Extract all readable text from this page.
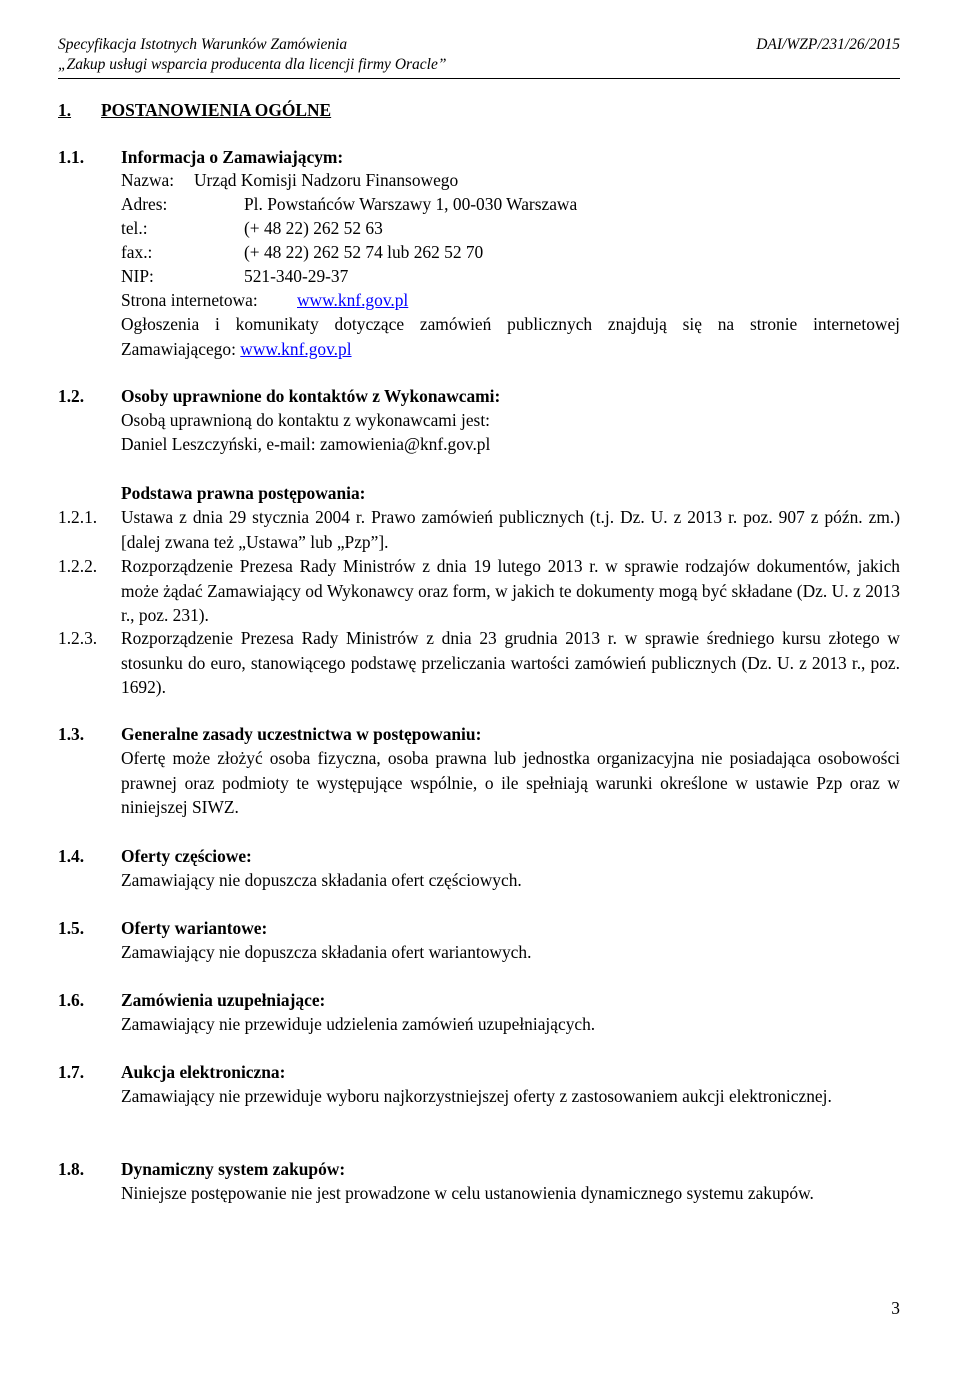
Specyfikacja Istotnych Warunków Zamówienia
„Zakup usługi wsparcia producenta dla licencji firmy Oracle”
DAI/WZP/231/26/2015
1. POSTANOWIENIA OGÓLNE
1.1. Informacja o Zamawiającym:
Nazwa: Urząd Komisji Nadzoru Finansowego
Adres:	Pl. Powstańców Warszawy 1, 00-030 Warszawa
tel.:	(+ 48 22) 262 52 63
fax.:	(+ 48 22) 262 52 74 lub 262 52 70
NIP:	521-340-29-37
Strona internetowa: www.knf.gov.pl
Ogłoszenia i komunikaty dotyczące zamówień publicznych znajdują się na stronie internetowej Zamawiającego: www.knf.gov.pl
1.2. Osoby uprawnione do kontaktów z Wykonawcami:
Osobą uprawnioną do kontaktu z wykonawcami jest:
Daniel Leszczyński, e-mail: zamowienia@knf.gov.pl
Podstawa prawna postępowania:
1.2.1. Ustawa z dnia 29 stycznia 2004 r. Prawo zamówień publicznych (t.j. Dz. U. z 2013 r. poz. 907 z późn. zm.) [dalej zwana też „Ustawa” lub „Pzp”].
1.2.2. Rozporządzenie Prezesa Rady Ministrów z dnia 19 lutego 2013 r. w sprawie rodzajów dokumentów, jakich może żądać Zamawiający od Wykonawcy oraz form, w jakich te dokumenty mogą być składane (Dz. U. z 2013 r., poz. 231).
1.2.3. Rozporządzenie Prezesa Rady Ministrów z dnia 23 grudnia 2013 r. w sprawie średniego kursu złotego w stosunku do euro, stanowiącego podstawę przeliczania wartości zamówień publicznych (Dz. U. z 2013 r., poz. 1692).
1.3. Generalne zasady uczestnictwa w postępowaniu:
Ofertę może złożyć osoba fizyczna, osoba prawna lub jednostka organizacyjna nie posiadająca osobowości prawnej oraz podmioty te występujące wspólnie, o ile spełniają warunki określone w ustawie Pzp oraz w niniejszej SIWZ.
1.4. Oferty częściowe:
Zamawiający nie dopuszcza składania ofert częściowych.
1.5. Oferty wariantowe:
Zamawiający nie dopuszcza składania ofert wariantowych.
1.6. Zamówienia uzupełniające:
Zamawiający nie przewiduje udzielenia zamówień uzupełniających.
1.7. Aukcja elektroniczna:
Zamawiający nie przewiduje wyboru najkorzystniejszej oferty z zastosowaniem aukcji elektronicznej.
1.8. Dynamiczny system zakupów:
Niniejsze postępowanie nie jest prowadzone w celu ustanowienia dynamicznego systemu zakupów.
3
